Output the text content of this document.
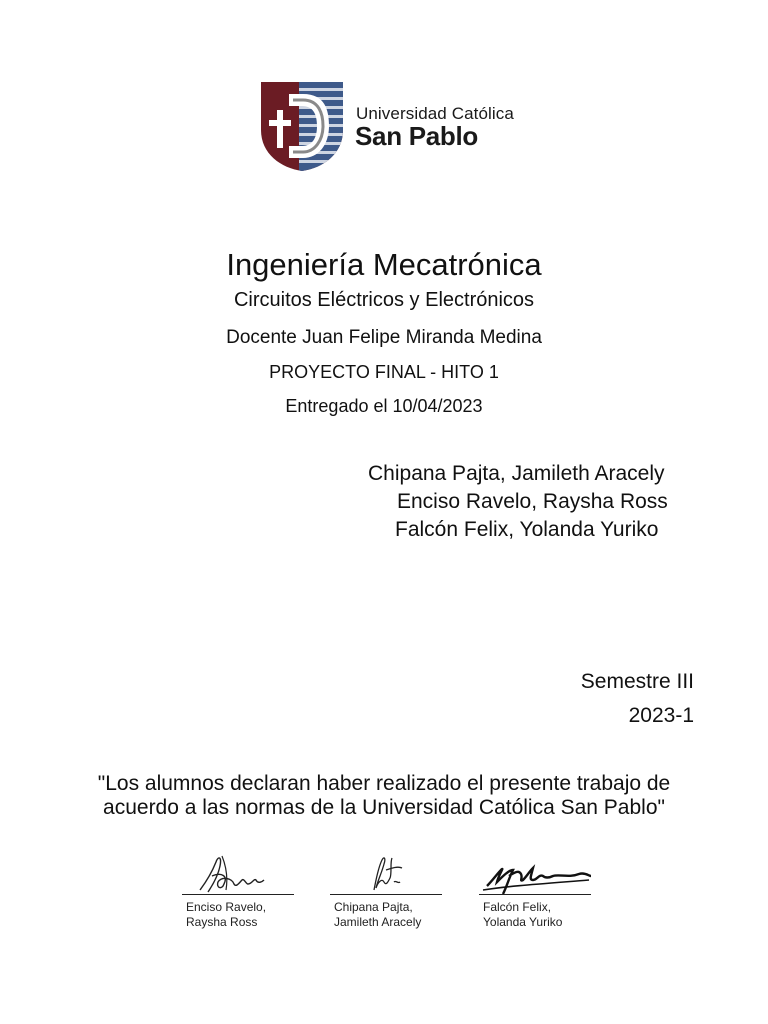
Universidad Católica
San Pablo
Ingeniería Mecatrónica
Circuitos Eléctricos y Electrónicos
Docente Juan Felipe Miranda Medina
PROYECTO FINAL - HITO 1
Entregado el 10/04/2023
Chipana Pajta, Jamileth Aracely
Enciso Ravelo, Raysha Ross
Falcón Felix, Yolanda Yuriko
Semestre III
2023-1
"Los alumnos declaran haber realizado el presente trabajo de
acuerdo a las normas de la Universidad Católica San Pablo"
Enciso Ravelo,
Raysha Ross
Chipana Pajta,
Jamileth Aracely
Falcón Felix,
Yolanda Yuriko
